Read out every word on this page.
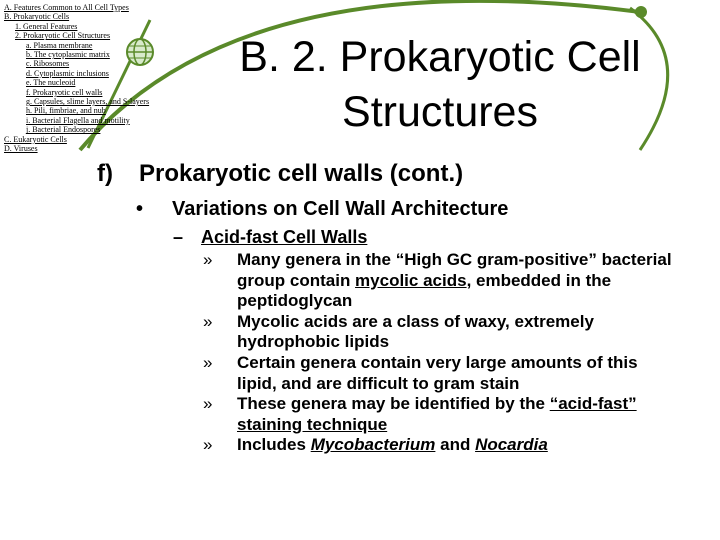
A. Features Common to All Cell Types
B. Prokaryotic Cells
1. General Features
2. Prokaryotic Cell Structures
a. Plasma membrane
b. The cytoplasmic matrix
c. Ribosomes
d. Cytoplasmic inclusions
e. The nucleoid
f. Prokaryotic cell walls
g. Capsules, slime layers, and S-layers
h. Pili, fimbriae, and nub
i. Bacterial Flagella and motility
j. Bacterial Endospores
C. Eukaryotic Cells
D. Viruses
B. 2. Prokaryotic Cell
Structures
f) Prokaryotic cell walls (cont.)
• Variations on Cell Wall Architecture
– Acid-fast Cell Walls
»	Many genera in the “High GC gram-positive” bacterial group contain mycolic acids, embedded in the peptidoglycan
»	Mycolic acids are a class of waxy, extremely hydrophobic lipids
»	Certain genera contain very large amounts of this lipid, and are difficult to gram stain
»	These genera may be identified by the “acid-fast” staining technique
»	Includes Mycobacterium and Nocardia
